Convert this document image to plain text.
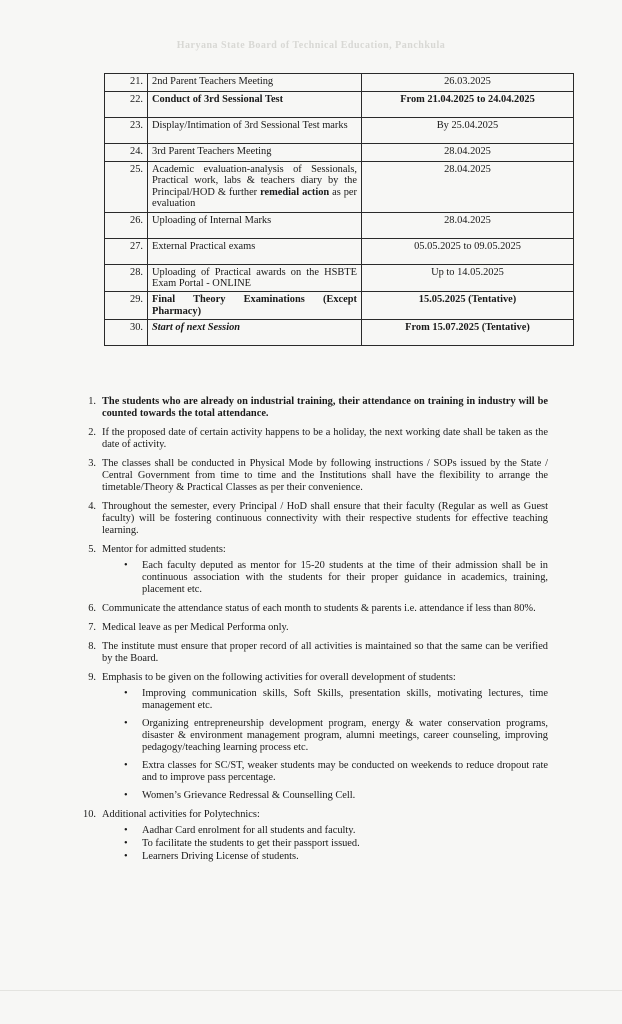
Haryana State Board of Technical Education, Panchkula
21.	2nd Parent Teachers Meeting	26.03.2025
22.	Conduct of 3rd Sessional Test	From 21.04.2025 to 24.04.2025
23.	Display/Intimation of 3rd Sessional Test marks	By 25.04.2025
24.	3rd Parent Teachers Meeting	28.04.2025
25.	Academic evaluation-analysis of Sessionals, Practical work, labs & teachers diary by the Principal/HOD & further remedial action as per evaluation	28.04.2025
26.	Uploading of Internal Marks	28.04.2025
27.	External Practical exams	05.05.2025 to 09.05.2025
28.	Uploading of Practical awards on the HSBTE Exam Portal - ONLINE	Up to 14.05.2025
29.	Final Theory Examinations (Except Pharmacy)	15.05.2025 (Tentative)
30.	Start of next Session	From 15.07.2025 (Tentative)
1. The students who are already on industrial training, their attendance on training in industry will be counted towards the total attendance.
2. If the proposed date of certain activity happens to be a holiday, the next working date shall be taken as the date of activity.
3. The classes shall be conducted in Physical Mode by following instructions / SOPs issued by the State / Central Government from time to time and the Institutions shall have the flexibility to arrange the timetable/Theory & Practical Classes as per their convenience.
4. Throughout the semester, every Principal / HoD shall ensure that their faculty (Regular as well as Guest faculty) will be fostering continuous connectivity with their respective students for effective teaching learning.
5. Mentor for admitted students:
• Each faculty deputed as mentor for 15-20 students at the time of their admission shall be in continuous association with the students for their proper guidance in academics, training, placement etc.
6. Communicate the attendance status of each month to students & parents i.e. attendance if less than 80%.
7. Medical leave as per Medical Performa only.
8. The institute must ensure that proper record of all activities is maintained so that the same can be verified by the Board.
9. Emphasis to be given on the following activities for overall development of students:
• Improving communication skills, Soft Skills, presentation skills, motivating lectures, time management etc.
• Organizing entrepreneurship development program, energy & water conservation programs, disaster & environment management program, alumni meetings, career counseling, improving pedagogy/teaching learning process etc.
• Extra classes for SC/ST, weaker students may be conducted on weekends to reduce dropout rate and to improve pass percentage.
• Women’s Grievance Redressal & Counselling Cell.
10. Additional activities for Polytechnics:
• Aadhar Card enrolment for all students and faculty.
• To facilitate the students to get their passport issued.
• Learners Driving License of students.
